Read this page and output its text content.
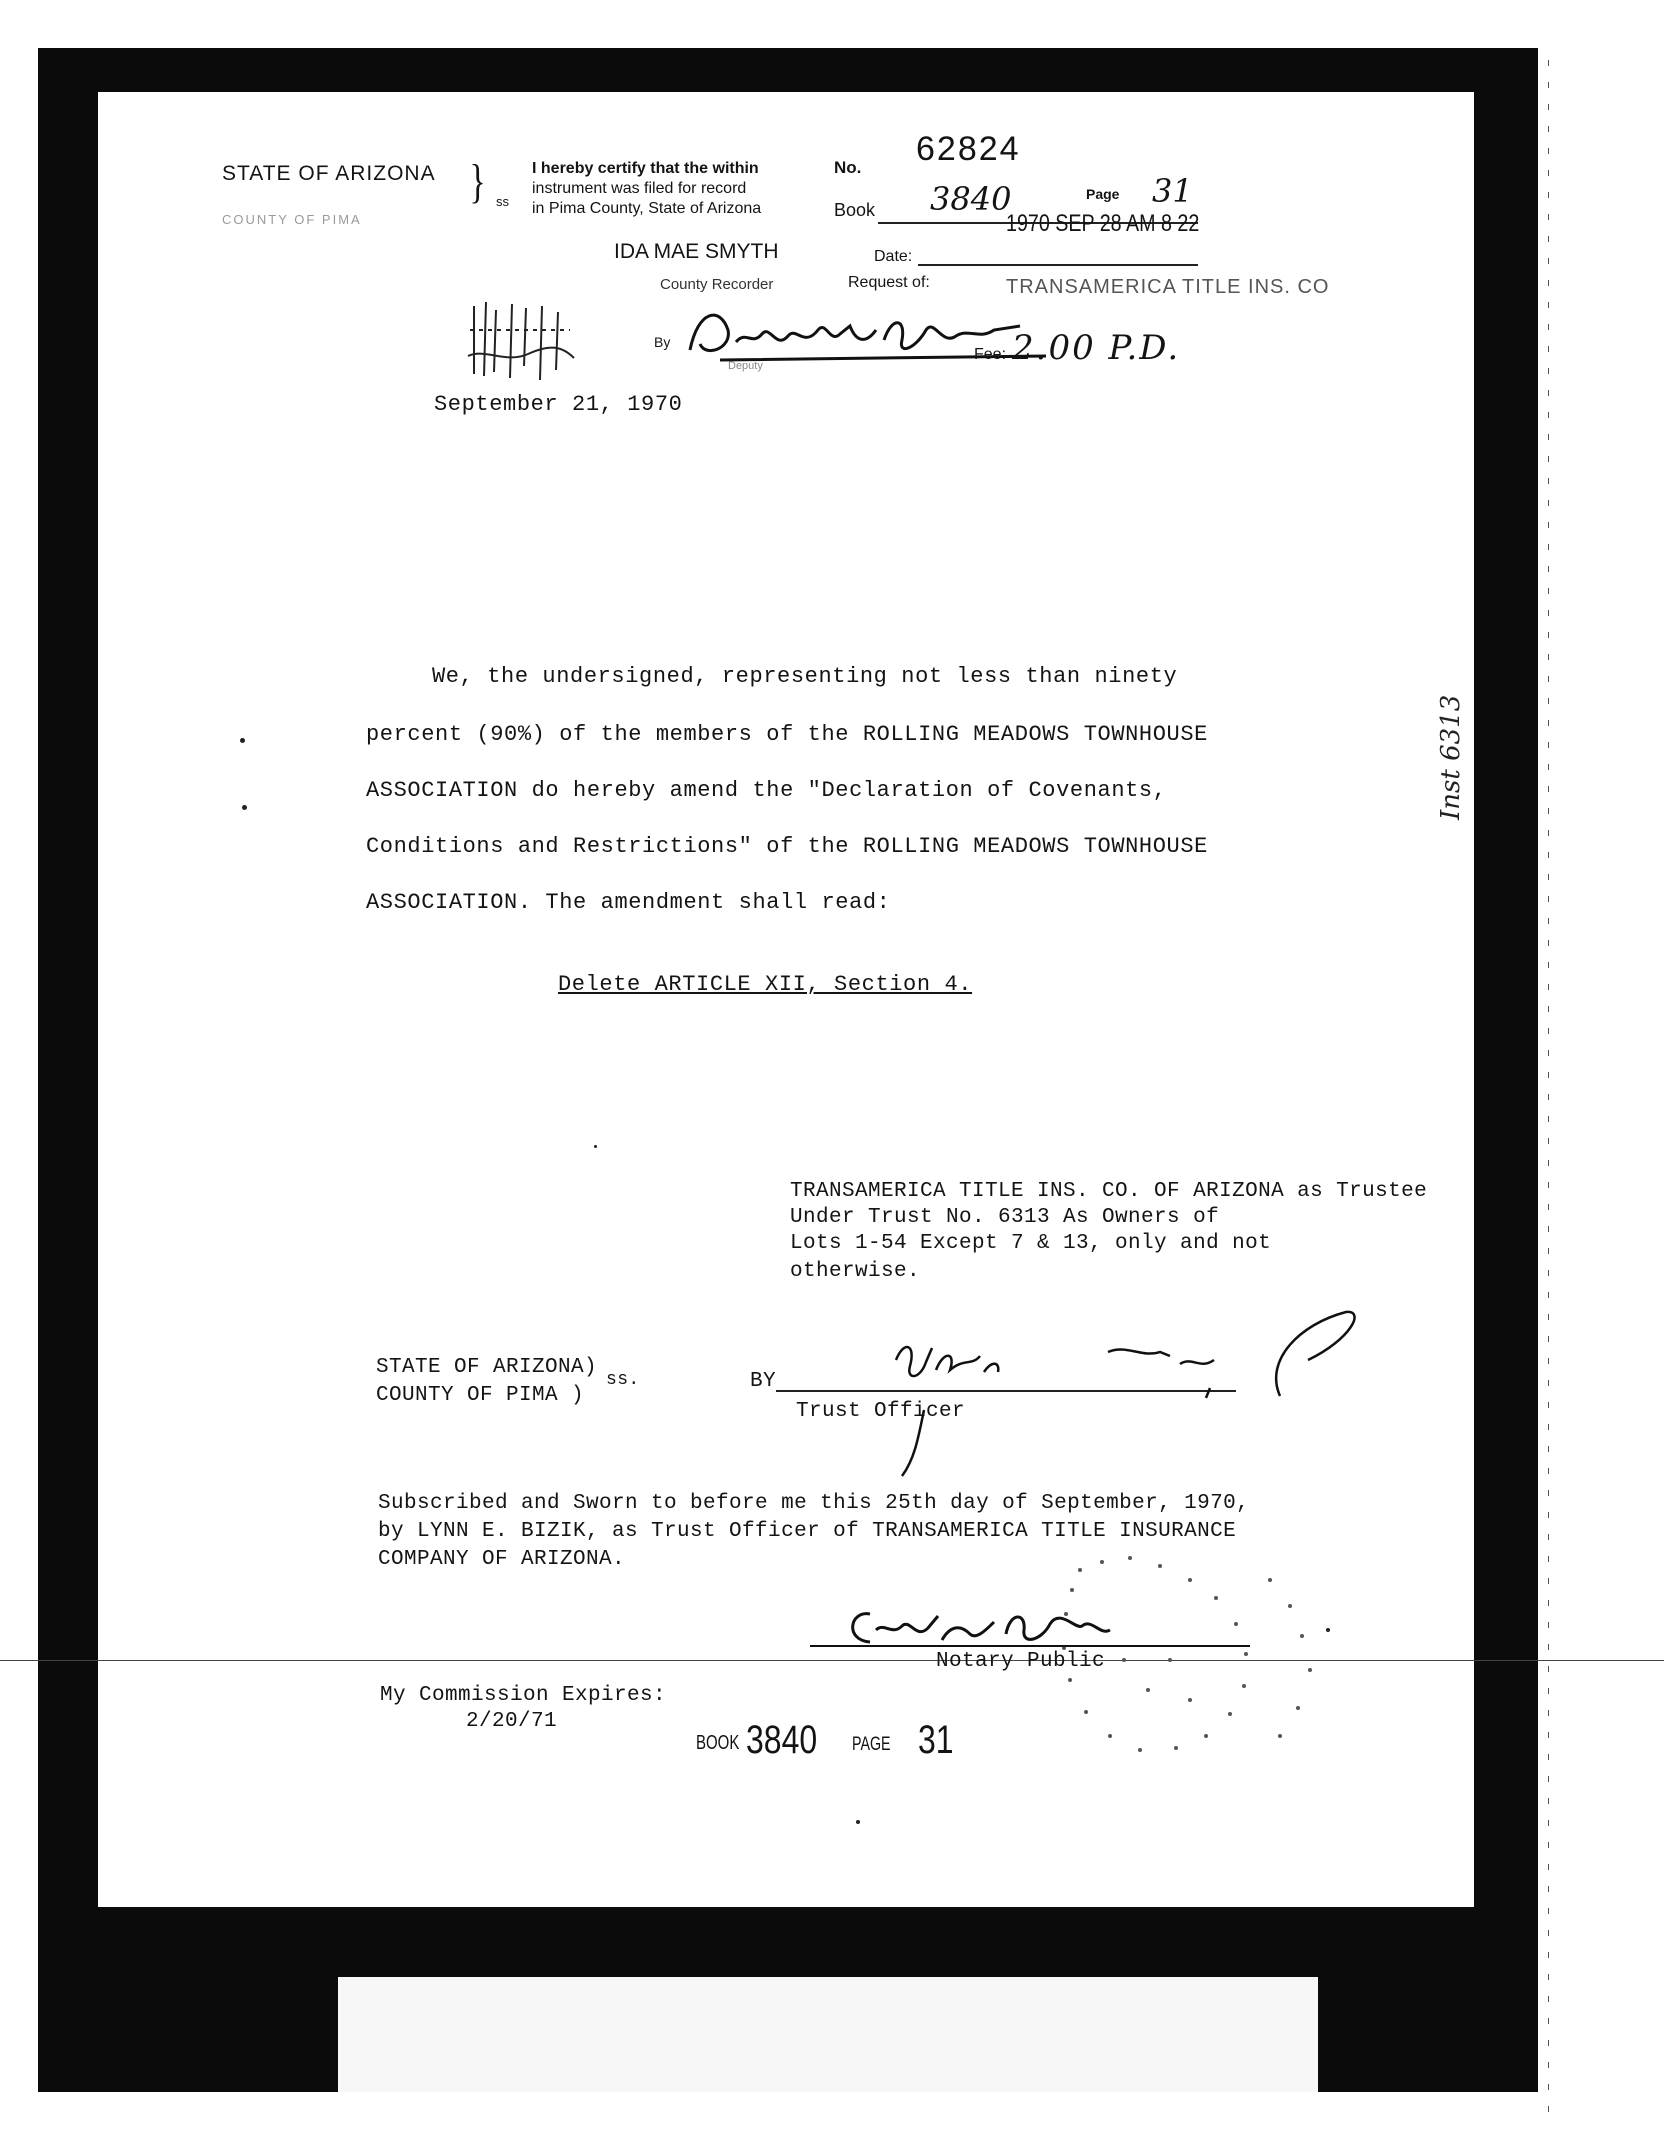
STATE OF ARIZONA } ss
COUNTY OF PIMA
I hereby certify that the within
instrument was filed for record
in Pima County, State of Arizona
No. 62824
Book 3840	Page 31
1970 SEP 28 AM 8 22
IDA MAE SMYTH	Date:
County Recorder	Request of:	TRANSAMERICA TITLE INS. CO
By
Deputy
Fee: 2.00 P.D.
September 21, 1970
We, the undersigned, representing not less than ninety
percent (90%) of the members of the ROLLING MEADOWS TOWNHOUSE
ASSOCIATION do hereby amend the "Declaration of Covenants,
Conditions and Restrictions" of the ROLLING MEADOWS TOWNHOUSE
ASSOCIATION. The amendment shall read:
Delete ARTICLE XII, Section 4.
Inst 6313
TRANSAMERICA TITLE INS. CO. OF ARIZONA as Trustee
Under Trust No. 6313 As Owners of
Lots 1-54 Except 7 & 13, only and not
otherwise.
STATE OF ARIZONA)
COUNTY OF PIMA )
ss.	BY
Trust Officer
Subscribed and Sworn to before me this 25th day of September, 1970,
by LYNN E. BIZIK, as Trust Officer of TRANSAMERICA TITLE INSURANCE
COMPANY OF ARIZONA.
Notary Public
My Commission Expires:
2/20/71
BOOK 3840 PAGE 31
